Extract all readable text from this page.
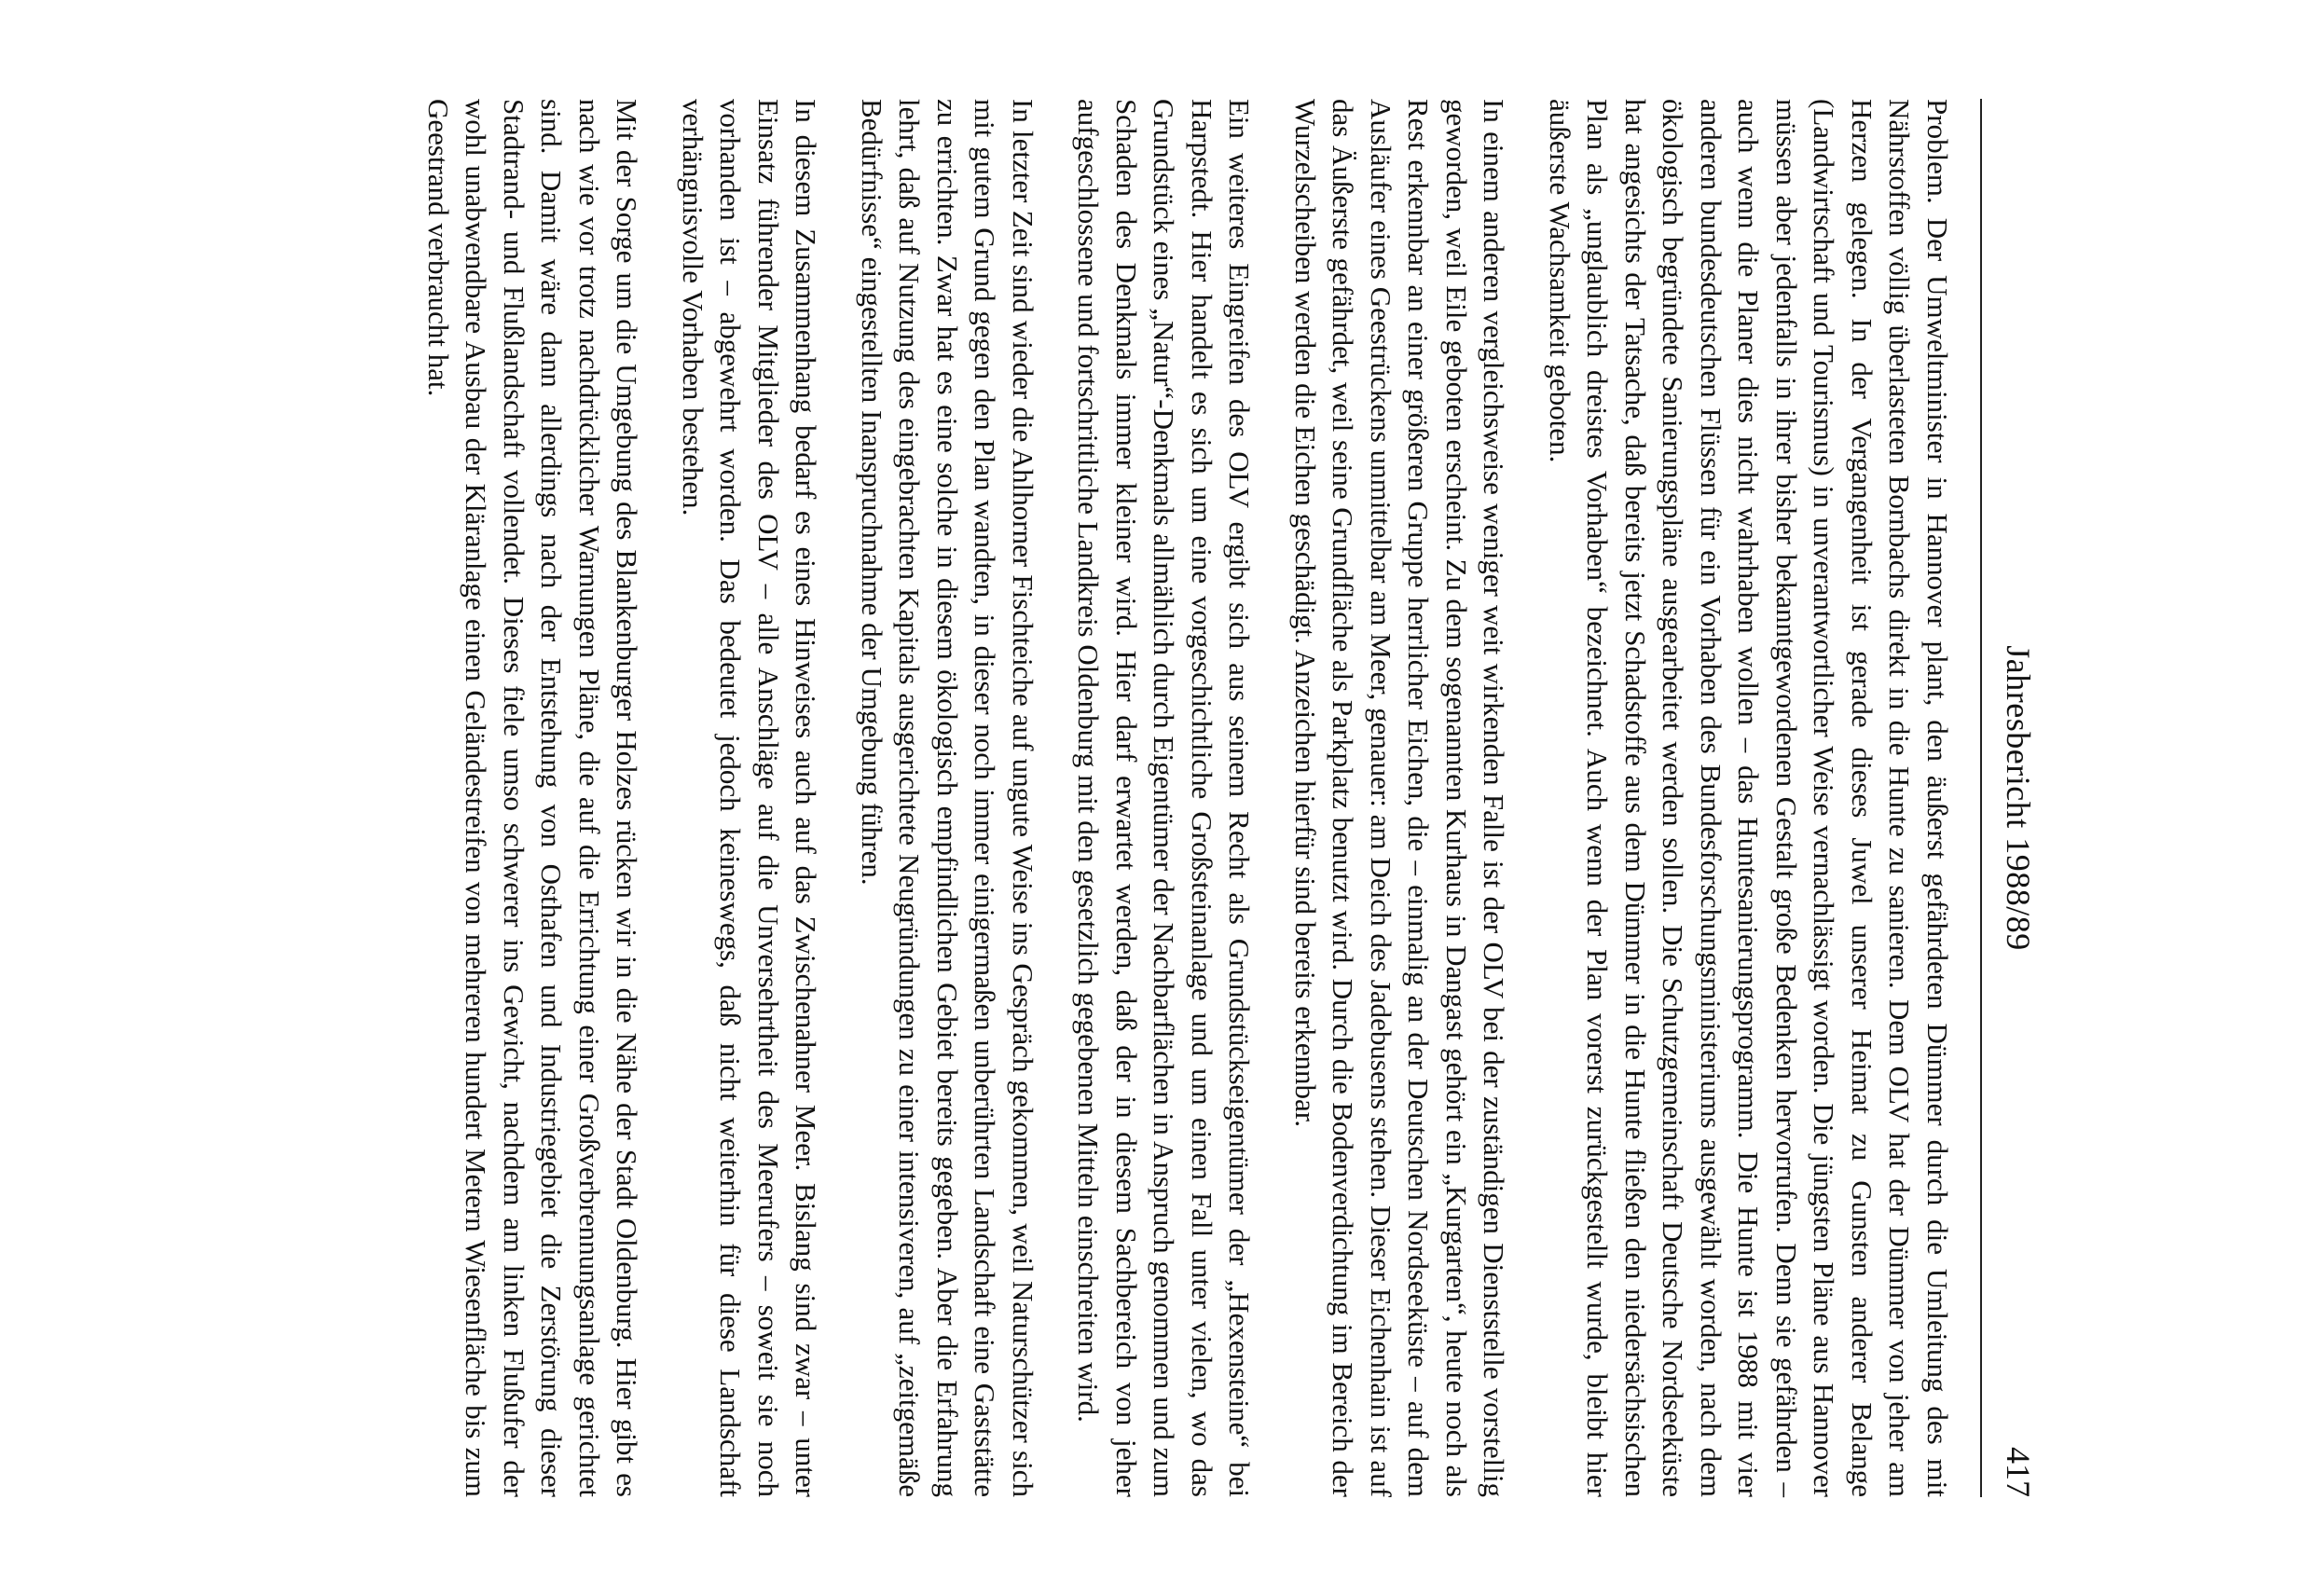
Jahresbericht 1988/89
417

Problem. Der Umweltminister in Hannover plant, den äußerst gefährdeten Dümmer durch die Umleitung des mit Nährstoffen völlig überlasteten Bornbachs direkt in die Hunte zu sanieren. Dem OLV hat der Dümmer von jeher am Herzen gelegen. In der Vergangenheit ist gerade dieses Juwel unserer Heimat zu Gunsten anderer Belange (Landwirtschaft und Tourismus) in unverantwortlicher Weise vernachlässigt worden. Die jüngsten Pläne aus Hannover müssen aber jedenfalls in ihrer bisher bekanntgewordenen Gestalt große Bedenken hervorrufen. Denn sie gefährden – auch wenn die Planer dies nicht wahrhaben wollen – das Huntesanierungsprogramm. Die Hunte ist 1988 mit vier anderen bundesdeutschen Flüssen für ein Vorhaben des Bundesforschungsministeriums ausgewählt worden, nach dem ökologisch begründete Sanierungspläne ausgearbeitet werden sollen. Die Schutzgemeinschaft Deutsche Nordseeküste hat angesichts der Tatsache, daß bereits jetzt Schadstoffe aus dem Dümmer in die Hunte fließen den niedersächsischen Plan als „unglaublich dreistes Vorhaben“ bezeichnet. Auch wenn der Plan vorerst zurückgestellt wurde, bleibt hier äußerste Wachsamkeit geboten.

In einem anderen vergleichsweise weniger weit wirkenden Falle ist der OLV bei der zuständigen Dienststelle vorstellig geworden, weil Eile geboten erscheint. Zu dem sogenannten Kurhaus in Dangast gehört ein „Kurgarten“, heute noch als Rest erkennbar an einer größeren Gruppe herrlicher Eichen, die – einmalig an der Deutschen Nordseeküste – auf dem Ausläufer eines Geestrückens unmittelbar am Meer, genauer: am Deich des Jadebusens stehen. Dieser Eichenhain ist auf das Äußerste gefährdet, weil seine Grundfläche als Parkplatz benutzt wird. Durch die Bodenverdichtung im Bereich der Wurzelscheiben werden die Eichen geschädigt. Anzeichen hierfür sind bereits erkennbar.

Ein weiteres Eingreifen des OLV ergibt sich aus seinem Recht als Grundstückseigentümer der „Hexensteine“ bei Harpstedt. Hier handelt es sich um eine vorgeschichtliche Großsteinanlage und um einen Fall unter vielen, wo das Grundstück eines „Natur“-Denkmals allmählich durch Eigentümer der Nachbarflächen in Anspruch genommen und zum Schaden des Denkmals immer kleiner wird. Hier darf erwartet werden, daß der in diesem Sachbereich von jeher aufgeschlossene und fortschrittliche Landkreis Oldenburg mit den gesetzlich gegebenen Mitteln einschreiten wird.

In letzter Zeit sind wieder die Ahlhorner Fischteiche auf ungute Weise ins Gespräch gekommen, weil Naturschützer sich mit gutem Grund gegen den Plan wandten, in dieser noch immer einigermaßen unberührten Landschaft eine Gaststätte zu errichten. Zwar hat es eine solche in diesem ökologisch empfindlichen Gebiet bereits gegeben. Aber die Erfahrung lehrt, daß auf Nutzung des eingebrachten Kapitals ausgerichtete Neugründungen zu einer intensiveren, auf „zeitgemäße Bedürfnisse“ eingestellten Inanspruchnahme der Umgebung führen.

In diesem Zusammenhang bedarf es eines Hinweises auch auf das Zwischenahner Meer. Bislang sind zwar – unter Einsatz führender Mitglieder des OLV – alle Anschläge auf die Unversehrtheit des Meerufers – soweit sie noch vorhanden ist – abgewehrt worden. Das bedeutet jedoch keineswegs, daß nicht weiterhin für diese Landschaft verhängnisvolle Vorhaben bestehen.

Mit der Sorge um die Umgebung des Blankenburger Holzes rücken wir in die Nähe der Stadt Oldenburg. Hier gibt es nach wie vor trotz nachdrücklicher Warnungen Pläne, die auf die Errichtung einer Großverbrennungsanlage gerichtet sind. Damit wäre dann allerdings nach der Entstehung von Osthafen und Industriegebiet die Zerstörung dieser Stadtrand- und Flußlandschaft vollendet. Dieses fiele umso schwerer ins Gewicht, nachdem am linken Flußufer der wohl unabwendbare Ausbau der Kläranlage einen Geländestreifen von mehreren hundert Metern Wiesenfläche bis zum Geestrand verbraucht hat.
